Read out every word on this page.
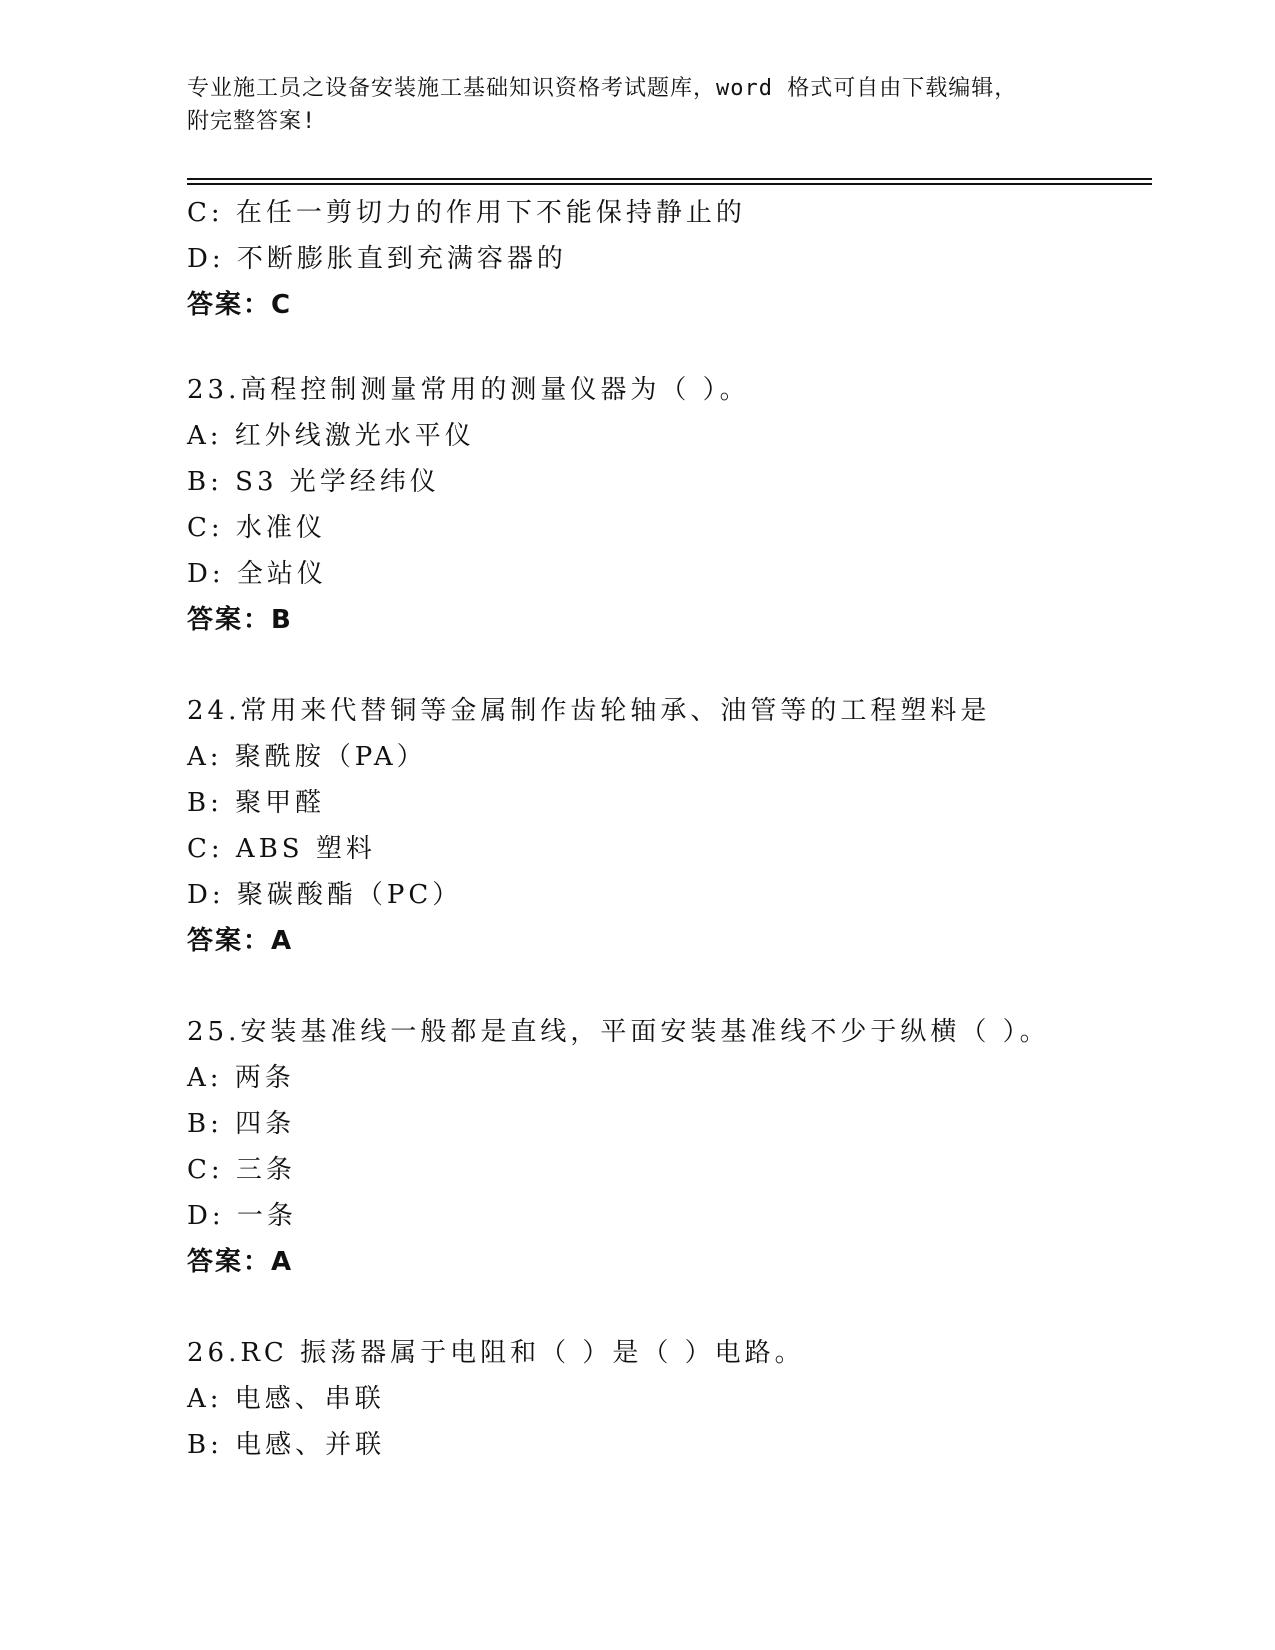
专业施工员之设备安装施工基础知识资格考试题库，word 格式可自由下载编辑，
附完整答案!
C: 在任一剪切力的作用下不能保持静止的
D: 不断膨胀直到充满容器的
答案：C
23.高程控制测量常用的测量仪器为（ ）。
A: 红外线激光水平仪
B: S3 光学经纬仪
C: 水准仪
D: 全站仪
答案：B
24.常用来代替铜等金属制作齿轮轴承、油管等的工程塑料是
A: 聚酰胺（PA）
B: 聚甲醛
C: ABS 塑料
D: 聚碳酸酯（PC）
答案：A
25.安装基准线一般都是直线，平面安装基准线不少于纵横（ ）。
A: 两条
B: 四条
C: 三条
D: 一条
答案：A
26.RC 振荡器属于电阻和（ ）是（ ）电路。
A: 电感、串联
B: 电感、并联
